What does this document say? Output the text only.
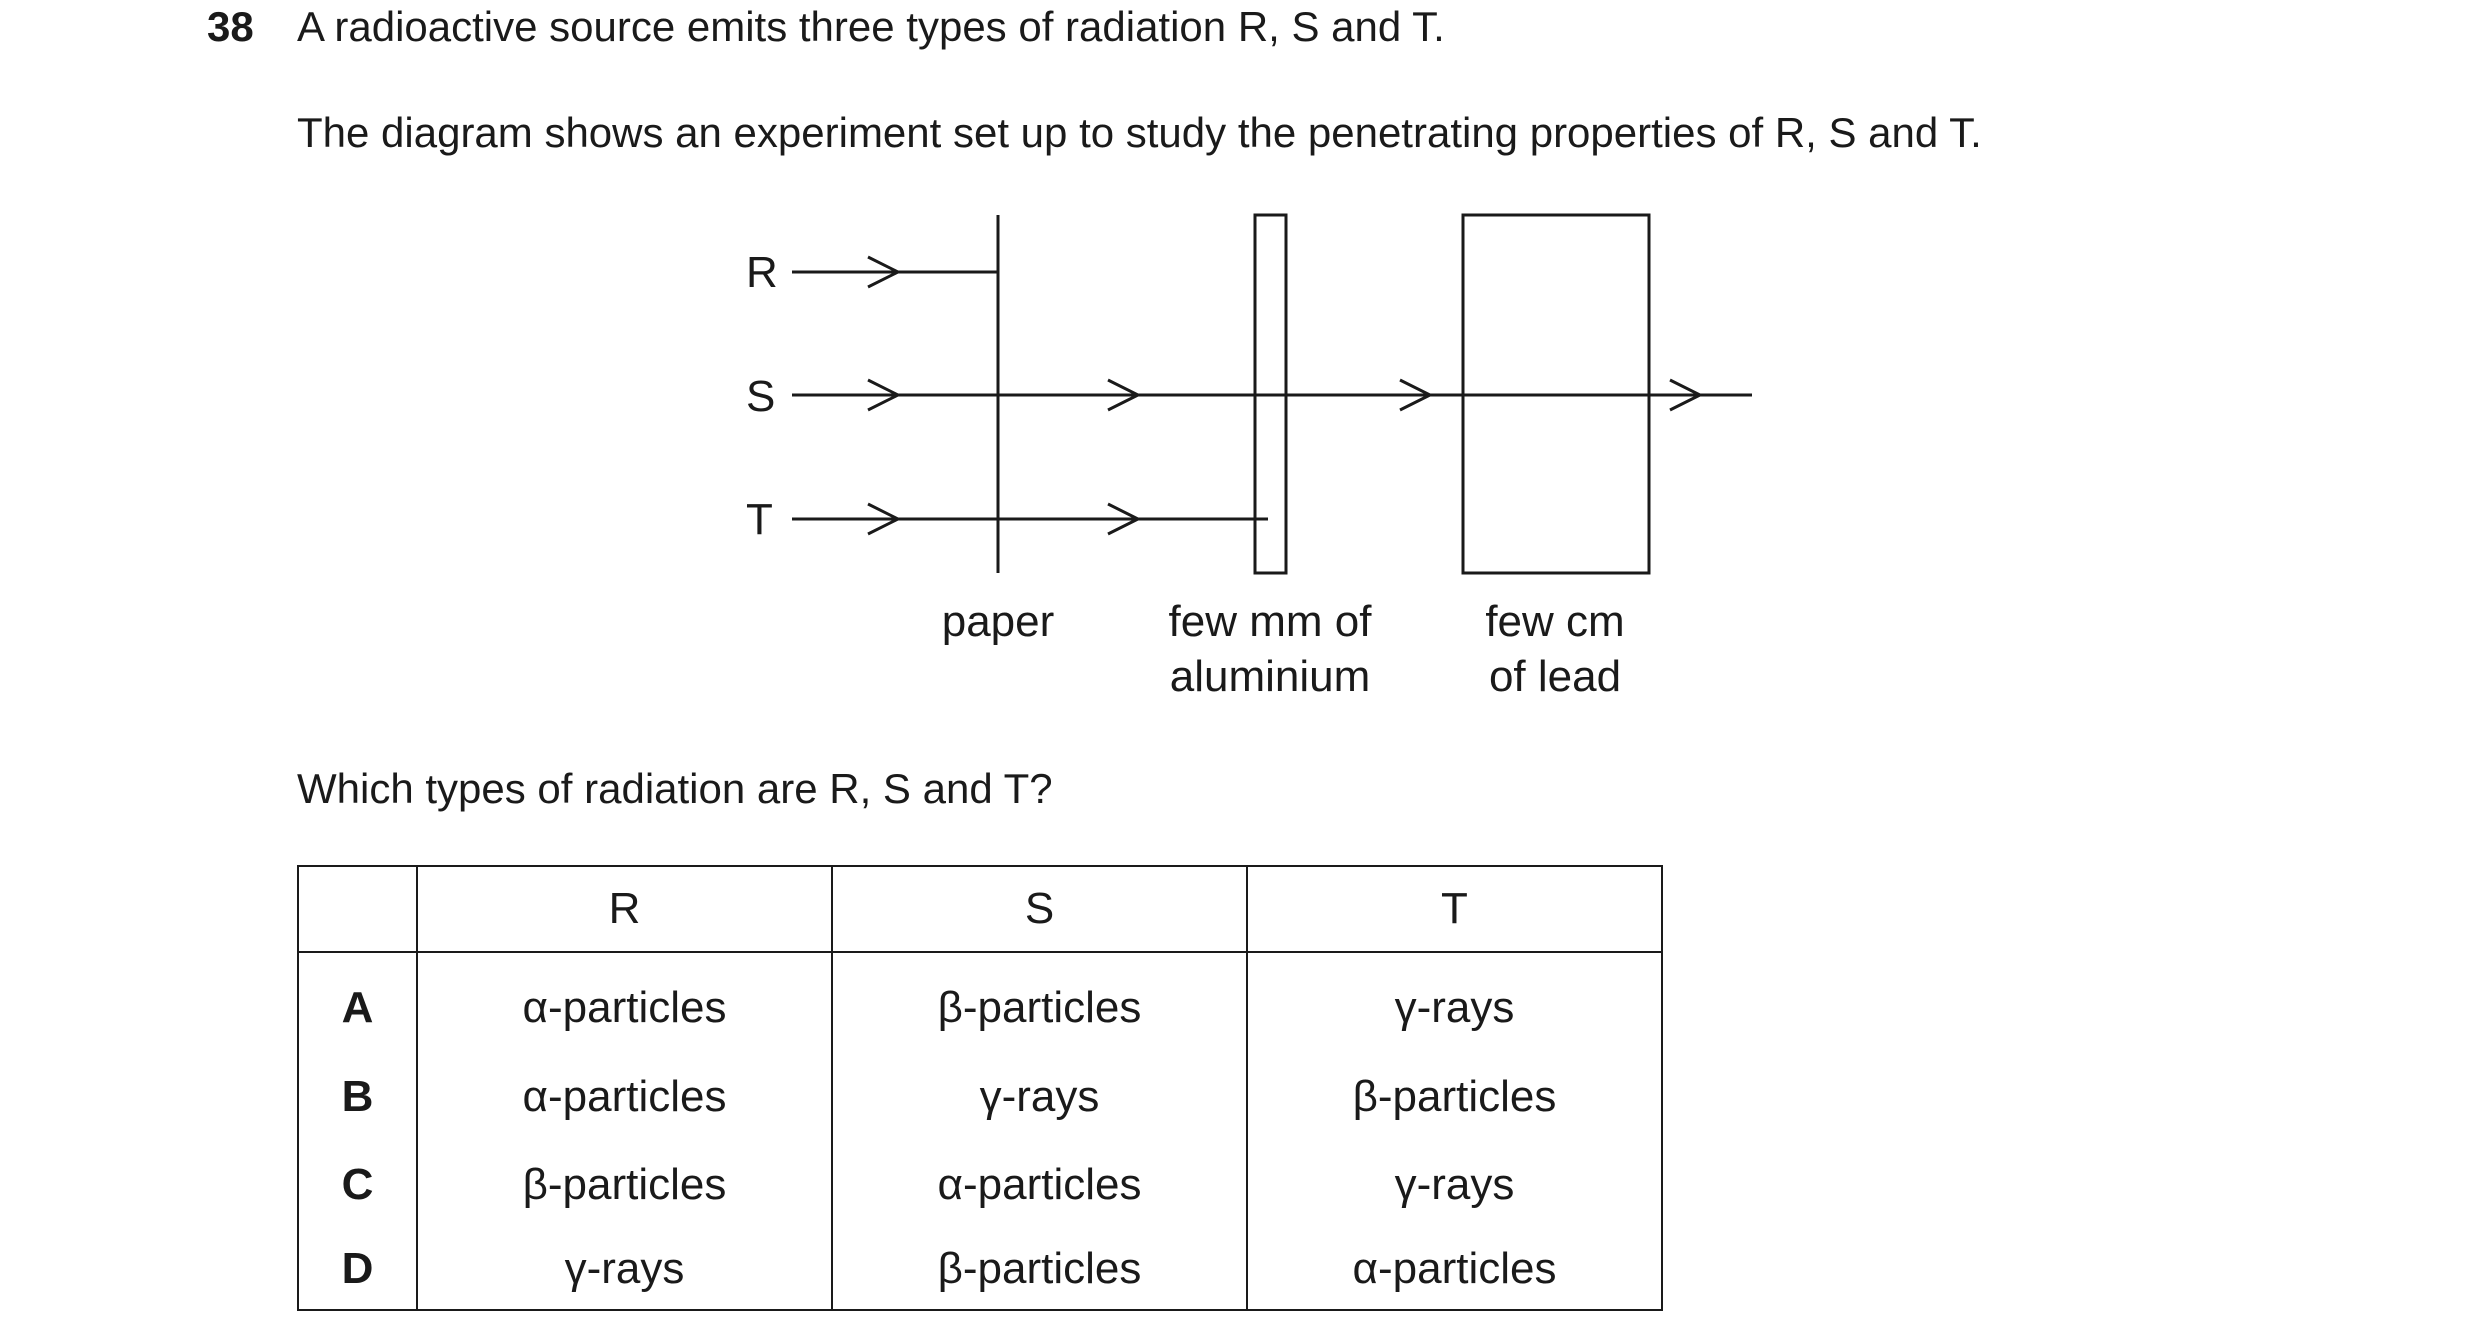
38 A radioactive source emits three types of radiation R, S and T.
The diagram shows an experiment set up to study the penetrating properties of R, S and T.
R
S
T
paper	few mm of
aluminium
few cm
of lead
Which types of radiation are R, S and T?
	R	S	T
A	α-particles	β-particles	γ-rays
B	α-particles	γ-rays	β-particles
C	β-particles	α-particles	γ-rays
D	γ-rays	β-particles	α-particles
